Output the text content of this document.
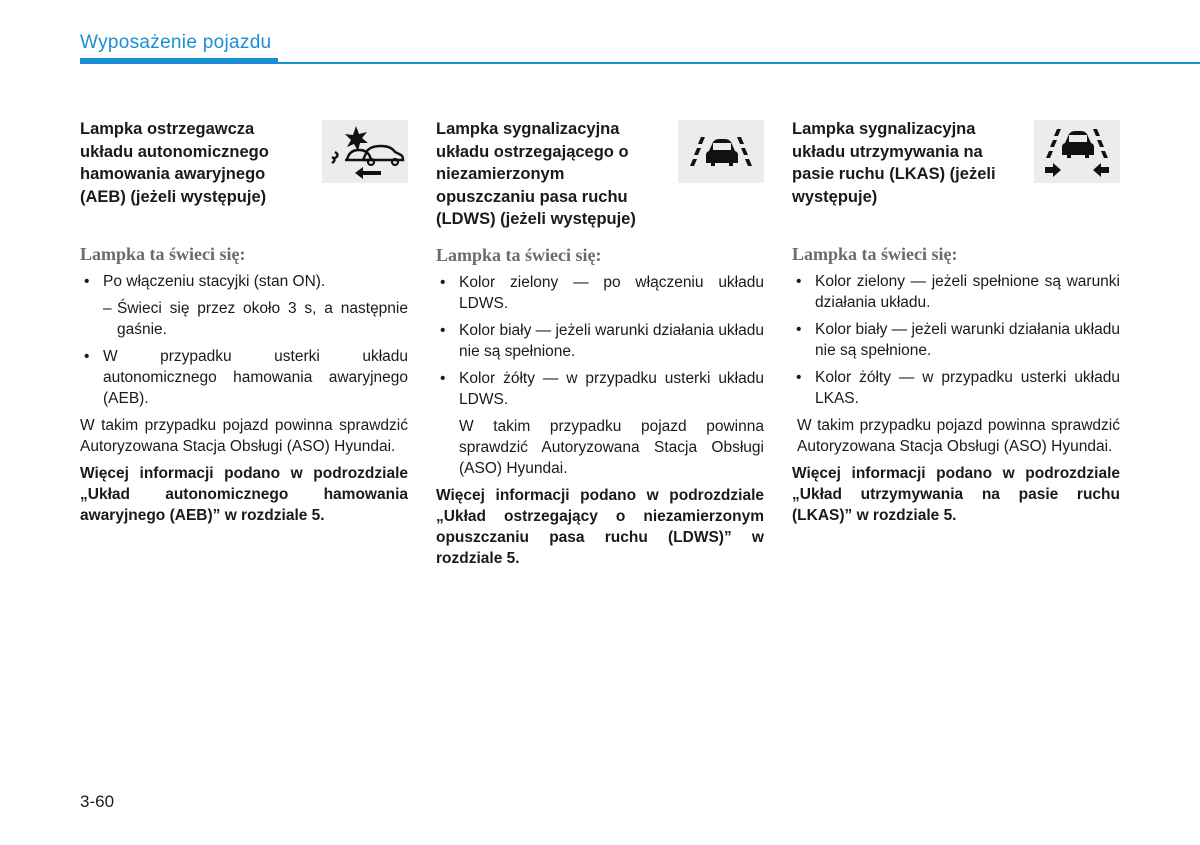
Wyposażenie pojazdu
Lampka ostrzegawcza układu autonomicznego hamowania awaryjnego (AEB) (jeżeli występuje)
Lampka ta świeci się:
• Po włączeniu stacyjki (stan ON).
– Świeci się przez około 3 s, a następnie gaśnie.
• W przypadku usterki układu autonomicznego hamowania awaryjnego (AEB).
W takim przypadku pojazd powinna sprawdzić Autoryzowana Stacja Obsługi (ASO) Hyundai.
Więcej informacji podano w podrozdziale „Układ autonomicznego hamowania awaryjnego (AEB)” w rozdziale 5.
Lampka sygnalizacyjna układu ostrzegającego o niezamierzonym opuszczaniu pasa ruchu (LDWS) (jeżeli występuje)
Lampka ta świeci się:
• Kolor zielony — po włączeniu układu LDWS.
• Kolor biały — jeżeli warunki działania układu nie są spełnione.
• Kolor żółty — w przypadku usterki układu LDWS.
W takim przypadku pojazd powinna sprawdzić Autoryzowana Stacja Obsługi (ASO) Hyundai.
Więcej informacji podano w podrozdziale „Układ ostrzegający o niezamierzonym opuszczaniu pasa ruchu (LDWS)” w rozdziale 5.
Lampka sygnalizacyjna układu utrzymywania na pasie ruchu (LKAS) (jeżeli występuje)
Lampka ta świeci się:
• Kolor zielony — jeżeli spełnione są warunki działania układu.
• Kolor biały — jeżeli warunki działania układu nie są spełnione.
• Kolor żółty — w przypadku usterki układu LKAS.
W takim przypadku pojazd powinna sprawdzić Autoryzowana Stacja Obsługi (ASO) Hyundai.
Więcej informacji podano w podrozdziale „Układ utrzymywania na pasie ruchu (LKAS)” w rozdziale 5.
3-60
